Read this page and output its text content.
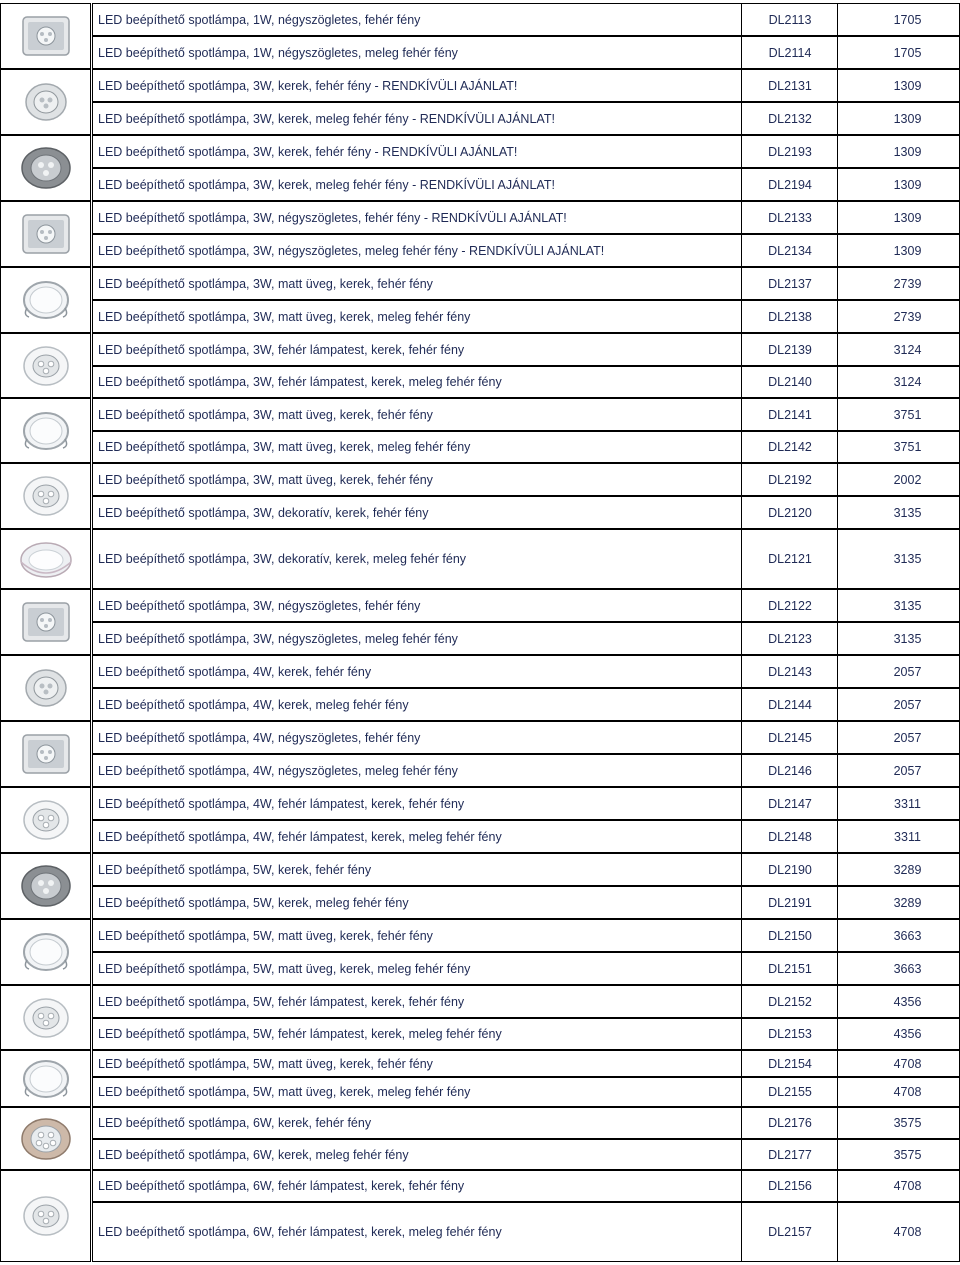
LED beépíthető spotlámpa, 1W, négyszögletes, fehér fény	DL2113	1705
LED beépíthető spotlámpa, 1W, négyszögletes, meleg fehér fény	DL2114	1705
LED beépíthető spotlámpa, 3W, kerek, fehér fény - RENDKÍVÜLI AJÁNLAT!	DL2131	1309
LED beépíthető spotlámpa, 3W, kerek, meleg fehér fény - RENDKÍVÜLI AJÁNLAT!	DL2132	1309
LED beépíthető spotlámpa, 3W, kerek, fehér fény - RENDKÍVÜLI AJÁNLAT!	DL2193	1309
LED beépíthető spotlámpa, 3W, kerek, meleg fehér fény - RENDKÍVÜLI AJÁNLAT!	DL2194	1309
LED beépíthető spotlámpa, 3W, négyszögletes, fehér fény - RENDKÍVÜLI AJÁNLAT!	DL2133	1309
LED beépíthető spotlámpa, 3W, négyszögletes, meleg fehér fény - RENDKÍVÜLI AJÁNLAT!	DL2134	1309
LED beépíthető spotlámpa, 3W, matt üveg, kerek, fehér fény	DL2137	2739
LED beépíthető spotlámpa, 3W, matt üveg, kerek, meleg fehér fény	DL2138	2739
LED beépíthető spotlámpa, 3W, fehér lámpatest, kerek, fehér fény	DL2139	3124
LED beépíthető spotlámpa, 3W, fehér lámpatest, kerek, meleg fehér fény	DL2140	3124
LED beépíthető spotlámpa, 3W, matt üveg, kerek, fehér fény	DL2141	3751
LED beépíthető spotlámpa, 3W, matt üveg, kerek, meleg fehér fény	DL2142	3751
LED beépíthető spotlámpa, 3W, matt üveg, kerek, fehér fény	DL2192	2002
LED beépíthető spotlámpa, 3W, dekoratív, kerek, fehér fény	DL2120	3135
LED beépíthető spotlámpa, 3W, dekoratív, kerek, meleg fehér fény	DL2121	3135
LED beépíthető spotlámpa, 3W, négyszögletes, fehér fény	DL2122	3135
LED beépíthető spotlámpa, 3W, négyszögletes, meleg fehér fény	DL2123	3135
LED beépíthető spotlámpa, 4W, kerek, fehér fény	DL2143	2057
LED beépíthető spotlámpa, 4W, kerek, meleg fehér fény	DL2144	2057
LED beépíthető spotlámpa, 4W, négyszögletes, fehér fény	DL2145	2057
LED beépíthető spotlámpa, 4W, négyszögletes, meleg fehér fény	DL2146	2057
LED beépíthető spotlámpa, 4W, fehér lámpatest, kerek, fehér fény	DL2147	3311
LED beépíthető spotlámpa, 4W, fehér lámpatest, kerek, meleg fehér fény	DL2148	3311
LED beépíthető spotlámpa, 5W, kerek, fehér fény	DL2190	3289
LED beépíthető spotlámpa, 5W, kerek, meleg fehér fény	DL2191	3289
LED beépíthető spotlámpa, 5W, matt üveg, kerek, fehér fény	DL2150	3663
LED beépíthető spotlámpa, 5W, matt üveg, kerek, meleg fehér fény	DL2151	3663
LED beépíthető spotlámpa, 5W, fehér lámpatest, kerek, fehér fény	DL2152	4356
LED beépíthető spotlámpa, 5W, fehér lámpatest, kerek, meleg fehér fény	DL2153	4356
LED beépíthető spotlámpa, 5W, matt üveg, kerek, fehér fény	DL2154	4708
LED beépíthető spotlámpa, 5W, matt üveg, kerek, meleg fehér fény	DL2155	4708
LED beépíthető spotlámpa, 6W, kerek, fehér fény	DL2176	3575
LED beépíthető spotlámpa, 6W, kerek, meleg fehér fény	DL2177	3575
LED beépíthető spotlámpa, 6W, fehér lámpatest, kerek, fehér fény	DL2156	4708
LED beépíthető spotlámpa, 6W, fehér lámpatest, kerek, meleg fehér fény	DL2157	4708
